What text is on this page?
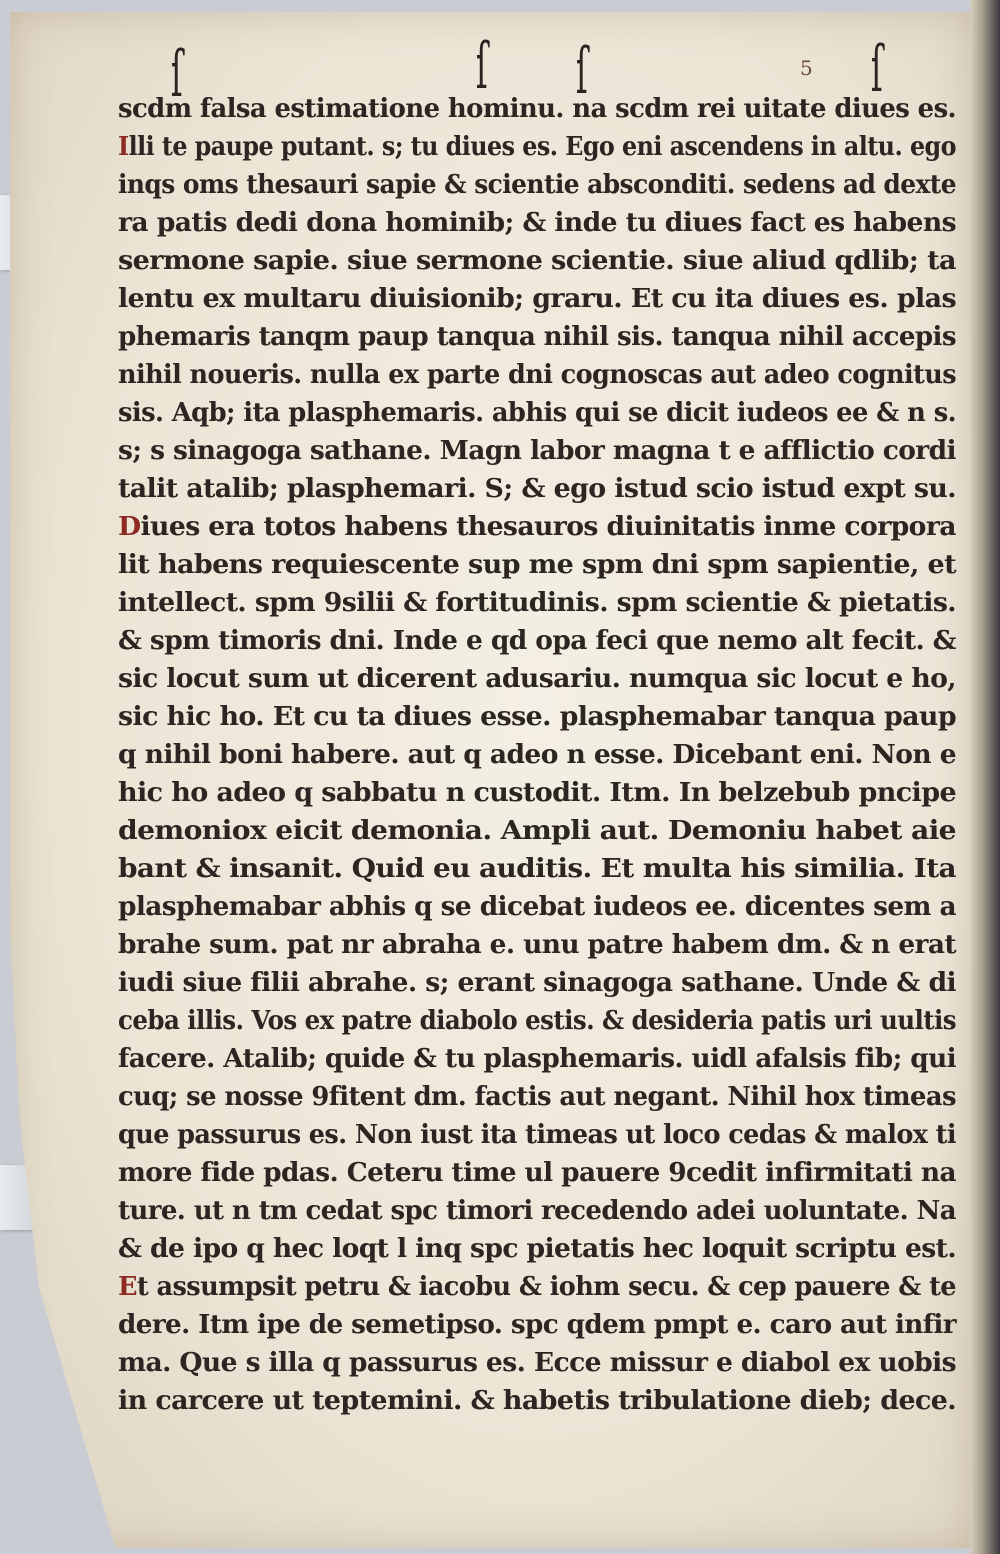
5
ſ	ſ ſ	ſ
scdm falsa estimatione hominu. na scdm rei uitate diues es.
Illi te paupe putant. s; tu diues es. Ego eni ascendens in altu. ego
inqs oms thesauri sapie & scientie absconditi. sedens ad dexte
ra patis dedi dona hominib; & inde tu diues fact es habens
sermone sapie. siue sermone scientie. siue aliud qdlib; ta
lentu ex multaru diuisionib; graru. Et cu ita diues es. plas
phemaris tanqm paup tanqua nihil sis. tanqua nihil accepis
nihil noueris. nulla ex parte dni cognoscas aut adeo cognitus
sis. Aqb; ita plasphemaris. abhis qui se dicit iudeos ee & n s.
s; s sinagoga sathane. Magn labor magna t e afflictio cordi
talit atalib; plasphemari. S; & ego istud scio istud expt su.
Diues era totos habens thesauros diuinitatis inme corpora
lit habens requiescente sup me spm dni spm sapientie, et
intellect. spm 9silii & fortitudinis. spm scientie & pietatis.
& spm timoris dni. Inde e qd opa feci que nemo alt fecit. &
sic locut sum ut dicerent adusariu. numqua sic locut e ho,
sic hic ho. Et cu ta diues esse. plasphemabar tanqua paup
q nihil boni habere. aut q adeo n esse. Dicebant eni. Non e
hic ho adeo q sabbatu n custodit. Itm. In belzebub pncipe
demoniox eicit demonia. Ampli aut. Demoniu habet aie
bant & insanit. Quid eu auditis. Et multa his similia. Ita
plasphemabar abhis q se dicebat iudeos ee. dicentes sem a
brahe sum. pat nr abraha e. unu patre habem dm. & n erat
iudi siue filii abrahe. s; erant sinagoga sathane. Unde & di
ceba illis. Vos ex patre diabolo estis. & desideria patis uri uultis
facere. Atalib; quide & tu plasphemaris. uidl afalsis fib; qui
cuq; se nosse 9fitent dm. factis aut negant. Nihil hox timeas
que passurus es. Non iust ita timeas ut loco cedas & malox ti
more fide pdas. Ceteru time ul pauere 9cedit infirmitati na
ture. ut n tm cedat spc timori recedendo adei uoluntate. Na
& de ipo q hec loqt l inq spc pietatis hec loquit scriptu est.
Et assumpsit petru & iacobu & iohm secu. & cep pauere & te
dere. Itm ipe de semetipso. spc qdem pmpt e. caro aut infir
ma. Que s illa q passurus es. Ecce missur e diabol ex uobis
in carcere ut teptemini. & habetis tribulatione dieb; dece.
